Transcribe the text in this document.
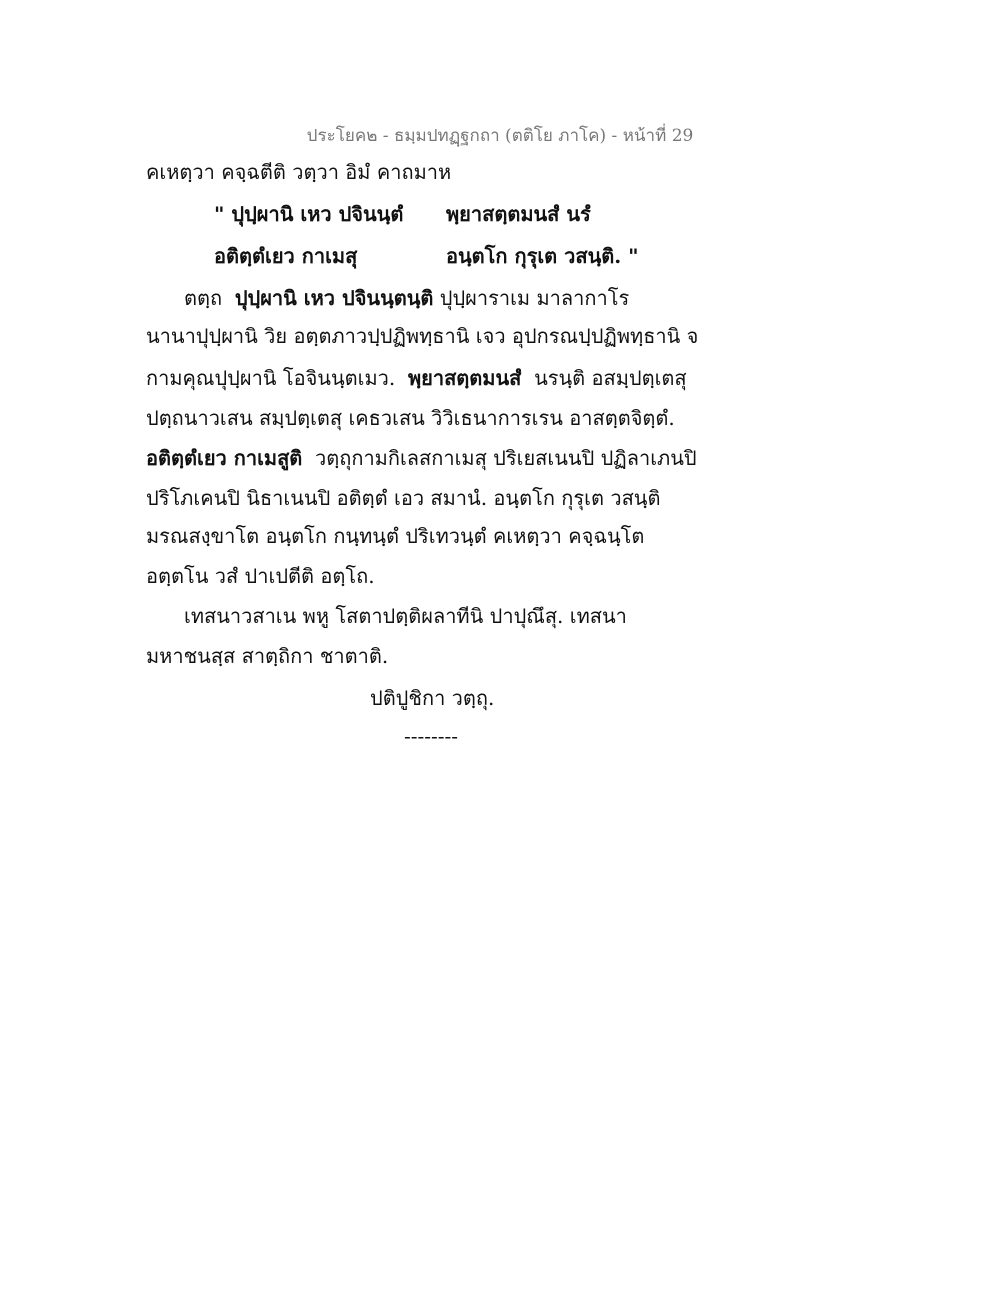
ประโยค๒ - ธมฺมปทฏฺฐกถา (ตติโย ภาโค) - หน้าที่ 29
คเหตฺวา คจฺฉตีติ วตฺวา อิมํ คาถมาห
" ปุปฺผานิ เหว ปจินนฺตํ พฺยาสตฺตมนสํ นรํ
อติตฺตํเยว กาเมสุ	อนฺตโก กุรุเต วสนฺติ. "
ตตฺถ ปุปฺผานิ เหว ปจินนฺตนฺติ ปุปฺผาราเม มาลากาโร
นานาปุปฺผานิ วิย อตฺตภาวปฺปฏิพทฺธานิ เจว อุปกรณปฺปฏิพทฺธานิ จ
กามคุณปุปฺผานิ โอจินนฺตเมว. พฺยาสตฺตมนสํ นรนฺติ อสมฺปตฺเตสุ
ปตฺถนาวเสน สมฺปตฺเตสุ เคธวเสน วิวิเธนาการเรน อาสตฺตจิตฺตํ.
อติตฺตํเยว กาเมสูติ วตฺถุกามกิเลสกาเมสุ ปริเยสเนนปิ ปฏิลาเภนปิ
ปริโภเคนปิ นิธาเนนปิ อติตฺตํ เอว สมานํ. อนฺตโก กุรุเต วสนฺติ
มรณสงฺขาโต อนฺตโก กนฺทนฺตํ ปริเทวนฺตํ คเหตฺวา คจฺฉนฺโต
อตฺตโน วสํ ปาเปตีติ อตฺโถ.
เทสนาวสาเน พหู โสตาปตฺติผลาทีนิ ปาปุณึสุ. เทสนา
มหาชนสฺส สาตฺถิกา ชาตาติ.
ปติปูชิกา วตฺถุ.
--------
